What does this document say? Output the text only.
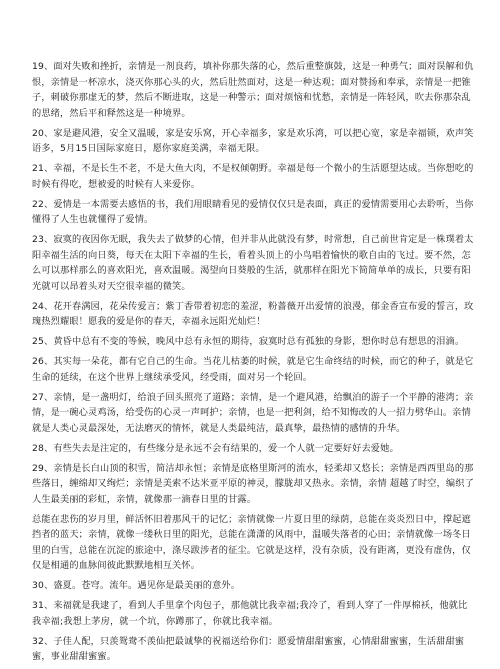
19、面对失败和挫折，亲情是一剂良药，填补你那失落的心，然后重整旗鼓，这是一种勇气；面对误解和仇恨，亲情是一杯凉水，浇灭你那心头的火，然后肚然面对，这是一种达观；面对赞扬和奉承，亲情是一把锥子，刺破你那虚无的梦，然后不断进取，这是一种警示；面对烦恼和忧愁，亲情是一阵轻风，吹去你那杂乱的思绪，然后平和释然这是一种境界。

20、家是避风港，安全又温暖，家是安乐窝，开心幸福多，家是欢乐湾，可以把心宽，家是幸福锁，欢声笑语多，5月15日国际家庭日，愿你家庭美满，幸福无限。

21、幸福，不是长生不老，不是大鱼大肉，不是权倾朝野。幸福是每一个微小的生活愿望达成。当你想吃的时候有得吃，想被爱的时候有人来爱你。

22、爱情是一本需要去感悟的书，我们用眼睛看见的爱情仅仅只是表面，真正的爱情需要用心去聆听，当你懂得了人生也就懂得了爱情。

23、寂寞的夜因你无眠，我失去了做梦的心情，但并非从此就没有梦，时常想，自己前世肯定是一株璞着太阳幸福生活的向日葵，每天在太阳下幸福的生长，看着头顶上的小鸟唱着愉快的歌自由的飞过。要不然，怎么可以那样那么的喜欢阳光，喜欢温暖。渴望向日葵般的生活，就那样在阳光下简简单单的成长，只要有阳光就可以昂着头对天空很幸福的微笑。

24、花开春满园，花朵传爱言；紫丁香带着初恋的羞涩，粉蔷薇开出爱情的浪漫，郁金香宣布爱的誓言，玫瑰热烈耀眼！愿我的爱是你的春天，幸福永远阳光灿烂！

25、黄昏中总有不变的等候，晚风中总有永恒的期待，寂寞时总有孤独的身影，想你时总有想思的泪滴。

26、其实每一朵花，都有它自己的生命。当花儿枯萎的时候，就是它生命终结的时候，而它的种子，就是它生命的延续，在这个世界上继续承受风，经受雨，面对另一个轮回。

27、亲情，是一盏明灯，给浪子回头照亮了道路；亲情，是一个避风港，给飘泊的游子一个平静的港湾；亲情，是一碗心灵鸡汤，给受伤的心灵一声呵护；亲情，也是一把利剑，给不知悔改的人一招力劈华山。亲情就是人类心灵最深处，无法磨灭的情怀，就是人类最纯洁，最真挚，最热情的感情的升华。

28、有些失去是注定的，有些缘分是永远不会有结果的，爱一个人就一定要好好去爱她。

29、亲情是长白山顶的积雪，简洁却永恒；亲情是底格里斯河的流水，轻柔却又悠长；亲情是西西里岛的那些落日，缠绵却又绚烂；亲情是美索不达米亚平原的神灵，朦胧却又热永。亲情，亲情 超越了时空，编织了人生最美丽的彩虹，亲情，就像那一滴春日里的甘露。

总能在悲伤的岁月里，鲜活怀旧着那风干的记忆；亲情就像一片夏日里的绿荫，总能在炎炎烈日中，撑起遮挡者的蓝天；亲情，就像一缕秋日里的阳光，总能在潇潇的风雨中，温暖失落者的心田；亲情就像一场冬日里的白雪，总能在沉淀的旅途中，涤尽跋涉者的征尘。它就是这样，没有杂质，没有距离，更没有虚伪，仅仅是相通的血脉间彼此默默地相互关怀。

30、盛夏。苍穹。流年。遇见你是最美丽的意外。

31、来福就是我逮了，看到人手里拿个肉包子，那他就比我幸福;我冷了，看到人穿了一件厚棉袄，他就比我幸福;我想上茅房，就一个坑，你蹲那了，你就比我幸福。

32、子佳人配，只羡鸳鸯不羡仙把最诚挚的祝福送给你们：愿爱情甜甜蜜蜜，心情甜甜蜜蜜，生活甜甜蜜蜜，事业甜甜蜜蜜。
